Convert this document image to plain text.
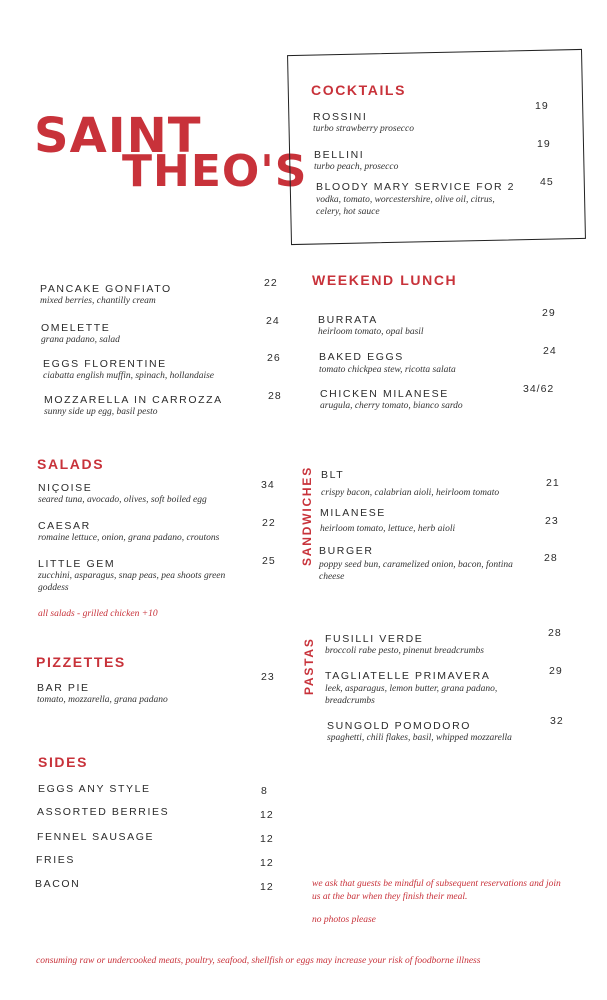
SAINT
THEO'S
COCKTAILS
ROSSINI
turbo strawberry prosecco
19
BELLINI
turbo peach, prosecco
19
BLOODY MARY SERVICE FOR 2
vodka, tomato, worcestershire, olive oil, citrus, celery, hot sauce
45
PANCAKE GONFIATO
mixed berries, chantilly cream
22
OMELETTE
grana padano, salad
24
EGGS FLORENTINE
ciabatta english muffin, spinach, hollandaise
26
MOZZARELLA IN CARROZZA
sunny side up egg, basil pesto
28
WEEKEND LUNCH
BURRATA
heirloom tomato, opal basil
29
BAKED EGGS
tomato chickpea stew, ricotta salata
24
CHICKEN MILANESE
arugula, cherry tomato, bianco sardo
34/62
SALADS
NIÇOISE
seared tuna, avocado, olives, soft boiled egg
34
CAESAR
romaine lettuce, onion, grana padano, croutons
22
LITTLE GEM
zucchini, asparagus, snap peas, pea shoots green goddess
25
all salads - grilled chicken +10
SANDWICHES BLT
crispy bacon, calabrian aioli, heirloom tomato
21
MILANESE
heirloom tomato, lettuce, herb aioli
23
BURGER
poppy seed bun, caramelized onion, bacon, fontina cheese
28
PIZZETTES
BAR PIE
tomato, mozzarella, grana padano
23 PASTAS FUSILLI VERDE
broccoli rabe pesto, pinenut breadcrumbs
28
TAGLIATELLE PRIMAVERA
leek, asparagus, lemon butter, grana padano, breadcrumbs
29
SUNGOLD POMODORO
spaghetti, chili flakes, basil, whipped mozzarella
32
SIDES
EGGS ANY STYLE	8
ASSORTED BERRIES	12
FENNEL SAUSAGE	12
FRIES	12
BACON	12	we ask that guests be mindful of subsequent reservations and join us at the bar when they finish their meal.
no photos please
consuming raw or undercooked meats, poultry, seafood, shellfish or eggs may increase your risk of foodborne illness
